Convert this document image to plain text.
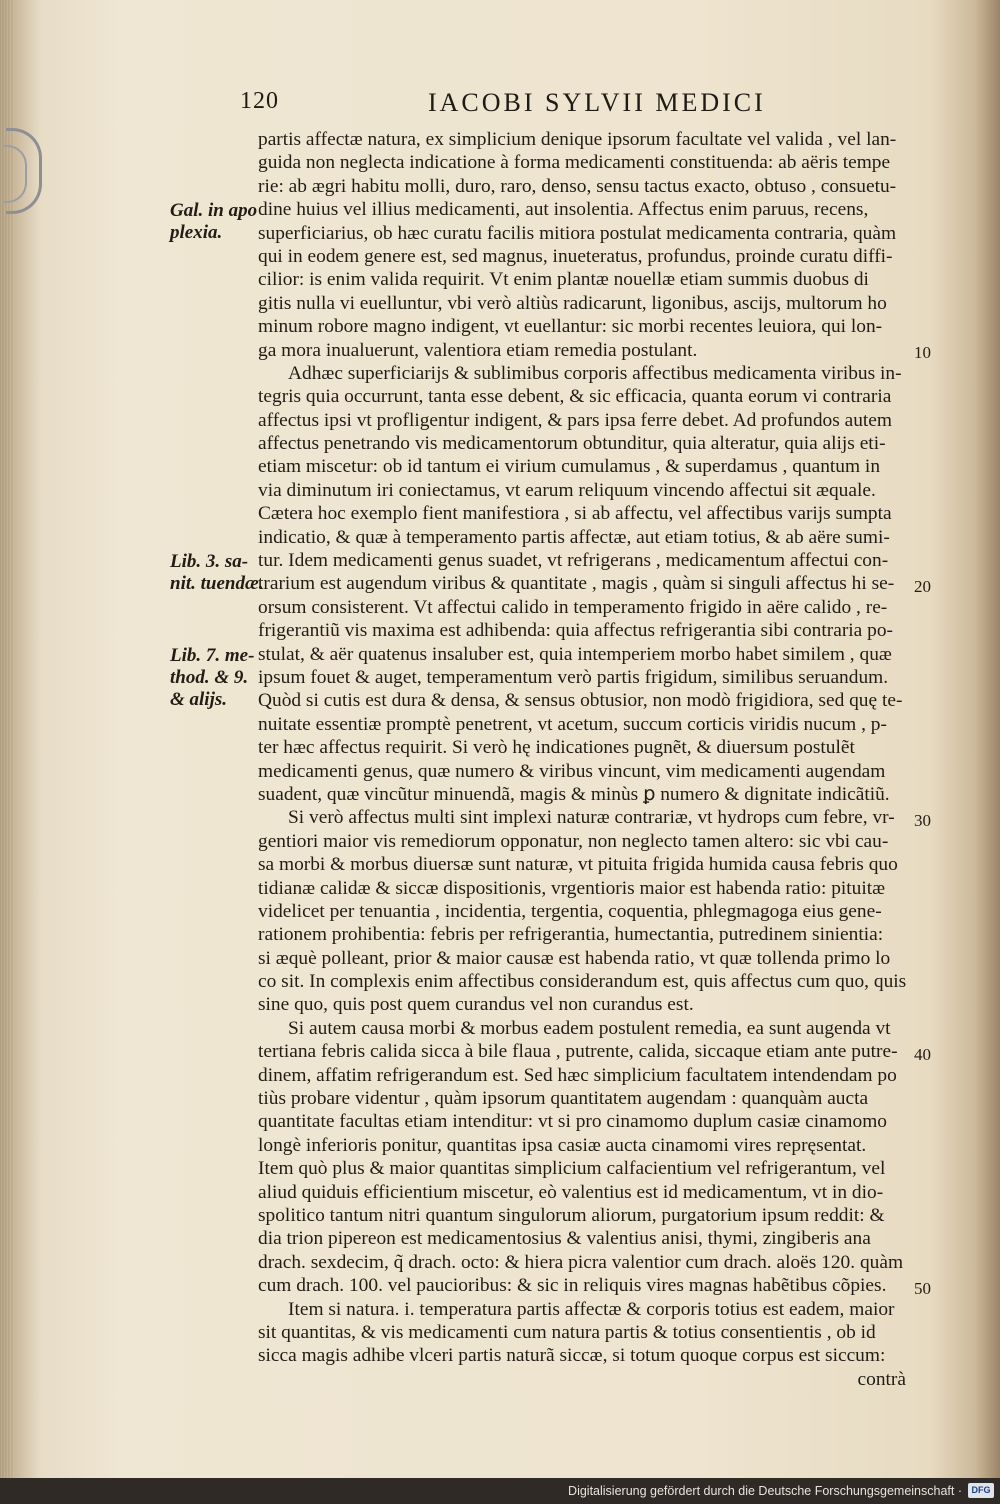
120	IACOBI SYLVII MEDICI
partis affectæ natura, ex simplicium denique ipsorum facultate vel valida , vel lan-
guida non neglecta indicatione à forma medicamenti constituenda: ab aëris tempe
rie: ab ægri habitu molli, duro, raro, denso, sensu tactus exacto, obtuso , consuetu-
dine huius vel illius medicamenti, aut insolentia. Affectus enim paruus, recens,
superficiarius, ob hæc curatu facilis mitiora postulat medicamenta contraria, quàm
qui in eodem genere est, sed magnus, inueteratus, profundus, proinde curatu diffi-
cilior: is enim valida requirit. Vt enim plantæ nouellæ etiam summis duobus di
gitis nulla vi euelluntur, vbi verò altiùs radicarunt, ligonibus, ascijs, multorum ho
minum robore magno indigent, vt euellantur: sic morbi recentes leuiora, qui lon-
ga mora inualuerunt, valentiora etiam remedia postulant.
Adhæc superficiarijs & sublimibus corporis affectibus medicamenta viribus in-
tegris quia occurrunt, tanta esse debent, & sic efficacia, quanta eorum vi contraria
affectus ipsi vt profligentur indigent, & pars ipsa ferre debet. Ad profundos autem
affectus penetrando vis medicamentorum obtunditur, quia alteratur, quia alijs eti-
etiam miscetur: ob id tantum ei virium cumulamus , & superdamus , quantum in
via diminutum iri coniectamus, vt earum reliquum vincendo affectui sit æquale.
Cætera hoc exemplo fient manifestiora , si ab affectu, vel affectibus varijs sumpta
indicatio, & quæ à temperamento partis affectæ, aut etiam totius, & ab aëre sumi-
tur. Idem medicamenti genus suadet, vt refrigerans , medicamentum affectui con-
trarium est augendum viribus & quantitate , magis , quàm si singuli affectus hi se-
orsum consisterent. Vt affectui calido in temperamento frigido in aëre calido , re-
frigerantiũ vis maxima est adhibenda: quia affectus refrigerantia sibi contraria po-
stulat, & aër quatenus insaluber est, quia intemperiem morbo habet similem , quæ
ipsum fouet & auget, temperamentum verò partis frigidum, similibus seruandum.
Quòd si cutis est dura & densa, & sensus obtusior, non modò frigidiora, sed quę te-
nuitate essentiæ promptè penetrent, vt acetum, succum corticis viridis nucum , p-
ter hæc affectus requirit. Si verò hę indicationes pugnẽt, & diuersum postulẽt
medicamenti genus, quæ numero & viribus vincunt, vim medicamenti augendam
suadent, quæ vincũtur minuendã, magis & minùs ꝑ numero & dignitate indicãtiũ.
Si verò affectus multi sint implexi naturæ contrariæ, vt hydrops cum febre, vr-
gentiori maior vis remediorum opponatur, non neglecto tamen altero: sic vbi cau-
sa morbi & morbus diuersæ sunt naturæ, vt pituita frigida humida causa febris quo
tidianæ calidæ & siccæ dispositionis, vrgentioris maior est habenda ratio: pituitæ
videlicet per tenuantia , incidentia, tergentia, coquentia, phlegmagoga eius gene-
rationem prohibentia: febris per refrigerantia, humectantia, putredinem sinientia:
si æquè polleant, prior & maior causæ est habenda ratio, vt quæ tollenda primo lo
co sit. In complexis enim affectibus considerandum est, quis affectus cum quo, quis
sine quo, quis post quem curandus vel non curandus est.
Si autem causa morbi & morbus eadem postulent remedia, ea sunt augenda vt
tertiana febris calida sicca à bile flaua , putrente, calida, siccaque etiam ante putre-
dinem, affatim refrigerandum est. Sed hæc simplicium facultatem intendendam po
tiùs probare videntur , quàm ipsorum quantitatem augendam : quanquàm aucta
quantitate facultas etiam intenditur: vt si pro cinamomo duplum casiæ cinamomo
longè inferioris ponitur, quantitas ipsa casiæ aucta cinamomi vires repręsentat.
Item quò plus & maior quantitas simplicium calfacientium vel refrigerantum, vel
aliud quiduis efficientium miscetur, eò valentius est id medicamentum, vt in dio-
spolitico tantum nitri quantum singulorum aliorum, purgatorium ipsum reddit: &
dia trion pipereon est medicamentosius & valentius anisi, thymi, zingiberis ana
drach. sexdecim, q̃ drach. octo: & hiera picra valentior cum drach. aloës 120. quàm
cum drach. 100. vel paucioribus: & sic in reliquis vires magnas habẽtibus cõpies.
Item si natura. i. temperatura partis affectæ & corporis totius est eadem, maior
sit quantitas, & vis medicamenti cum natura partis & totius consentientis , ob id
sicca magis adhibe vlceri partis naturã siccæ, si totum quoque corpus est siccum:
contrà
Gal. in apo
plexia.
Lib. 3. sa-
nit. tuendæ.
Lib. 7. me-
thod. & 9.
& alijs.
10
20
30
40
50
Digitalisierung gefördert durch die Deutsche Forschungsgemeinschaft ·	DFG
